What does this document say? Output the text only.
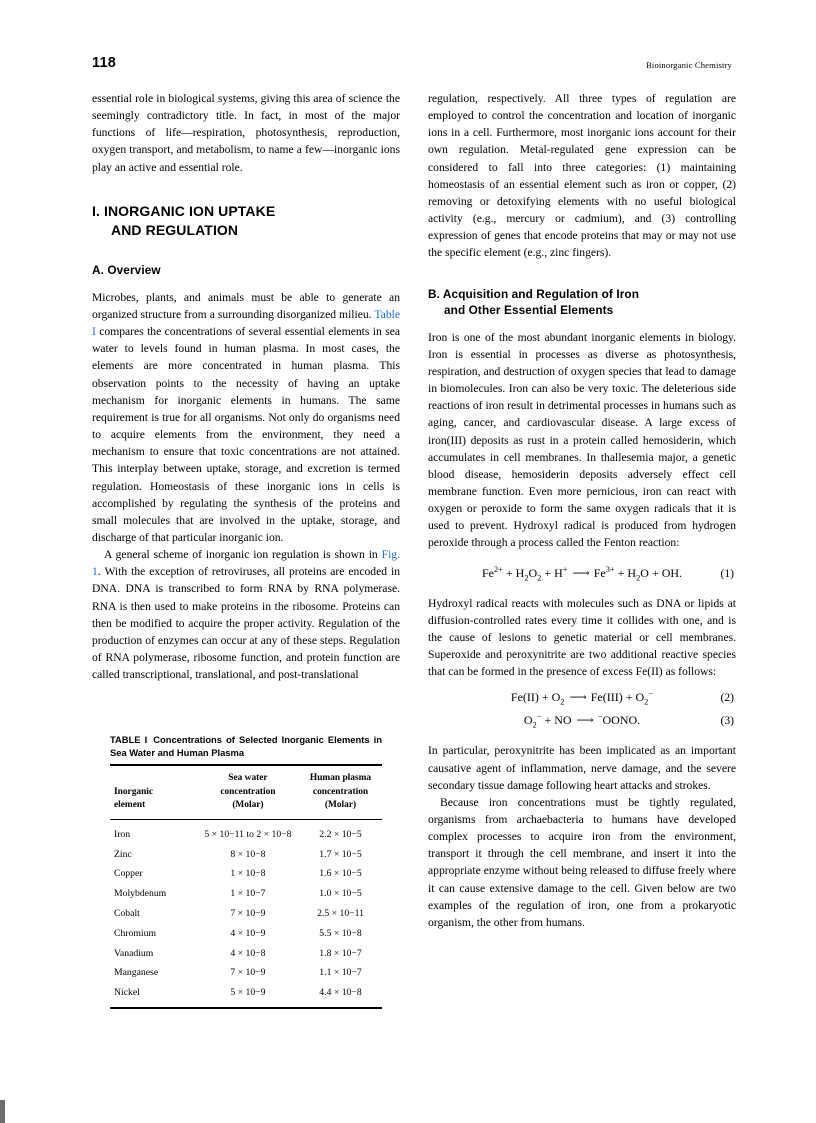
118	Bioinorganic Chemistry

essential role in biological systems, giving this area of science the seemingly contradictory title. In fact, in most of the major functions of life—respiration, photosynthesis, reproduction, oxygen transport, and metabolism, to name a few—inorganic ions play an active and essential role.

I. INORGANIC ION UPTAKE
AND REGULATION
A. Overview

Microbes, plants, and animals must be able to generate an organized structure from a surrounding disorganized milieu. Table I compares the concentrations of several essential elements in sea water to levels found in human plasma. In most cases, the elements are more concentrated in human plasma. This observation points to the necessity of having an uptake mechanism for inorganic elements in humans. The same requirement is true for all organisms. Not only do organisms need to acquire elements from the environment, they need a mechanism to ensure that toxic concentrations are not attained. This interplay between uptake, storage, and excretion is termed regulation. Homeostasis of these inorganic ions in cells is accomplished by regulating the synthesis of the proteins and small molecules that are involved in the uptake, storage, and discharge of that particular inorganic ion.

A general scheme of inorganic ion regulation is shown in Fig. 1. With the exception of retroviruses, all proteins are encoded in DNA. DNA is transcribed to form RNA by RNA polymerase. RNA is then used to make proteins in the ribosome. Proteins can then be modified to acquire the proper activity. Regulation of the production of enzymes can occur at any of these steps. Regulation of RNA polymerase, ribosome function, and protein function are called transcriptional, translational, and post-translational

regulation, respectively. All three types of regulation are employed to control the concentration and location of inorganic ions in a cell. Furthermore, most inorganic ions account for their own regulation. Metal-regulated gene expression can be considered to fall into three categories: (1) maintaining homeostasis of an essential element such as iron or copper, (2) removing or detoxifying elements with no useful biological activity (e.g., mercury or cadmium), and (3) controlling expression of genes that encode proteins that may or may not use the specific element (e.g., zinc fingers).

B. Acquisition and Regulation of Iron
and Other Essential Elements

Iron is one of the most abundant inorganic elements in biology. Iron is essential in processes as diverse as photosynthesis, respiration, and destruction of oxygen species that lead to damage in biomolecules. Iron can also be very toxic. The deleterious side reactions of iron result in detrimental processes in humans such as aging, cancer, and cardiovascular disease. A large excess of iron(III) deposits as rust in a protein called hemosiderin, which accumulates in cell membranes. In thallesemia major, a genetic blood disease, hemosiderin deposits adversely effect cell membrane function. Even more pernicious, iron can react with oxygen or peroxide to form the same oxygen radicals that it is used to prevent. Hydroxyl radical is produced from hydrogen peroxide through a process called the Fenton reaction:

$Fe^{2+} + H_2O_2 + H^+$ ⟶ $Fe^{3+} + H_2O$ + OH.	(1)

Hydroxyl radical reacts with molecules such as DNA or lipids at diffusion-controlled rates every time it collides with one, and is the cause of lesions to genetic material or cell membranes. Superoxide and peroxynitrite are two additional reactive species that can be formed in the presence of excess Fe(II) as follows:

$Fe(II) + O_2$ ⟶ $Fe(III) + O_2^-$	(2)
$O_2^-$ + NO ⟶ −OONO.	(3)

In particular, peroxynitrite has been implicated as an important causative agent of inflammation, nerve damage, and the severe secondary tissue damage following heart attacks and strokes.

Because iron concentrations must be tightly regulated, organisms from archaebacteria to humans have developed complex processes to acquire iron from the environment, transport it through the cell membrane, and insert it into the appropriate enzyme without being released to diffuse freely where it can cause extensive damage to the cell. Given below are two examples of the regulation of iron, one from a prokaryotic organism, the other from humans.

TABLE I Concentrations of Selected Inorganic Elements in Sea Water and Human Plasma

Inorganic
element	Sea water
concentration
(Molar)	Human plasma
concentration
(Molar)

Iron	5 × 10−11 to 2 × 10−8	2.2 × 10−5
Zinc	8 × 10−8	1.7 × 10−5
Copper	1 × 10−8	1.6 × 10−5
Molybdenum	1 × 10−7	1.0 × 10−5
Cobalt	7 × 10−9	2.5 × 10−11
Chromium	4 × 10−9	5.5 × 10−8
Vanadium	4 × 10−8	1.8 × 10−7
Manganese	7 × 10−9	1.1 × 10−7
Nickel	5 × 10−9	4.4 × 10−8
